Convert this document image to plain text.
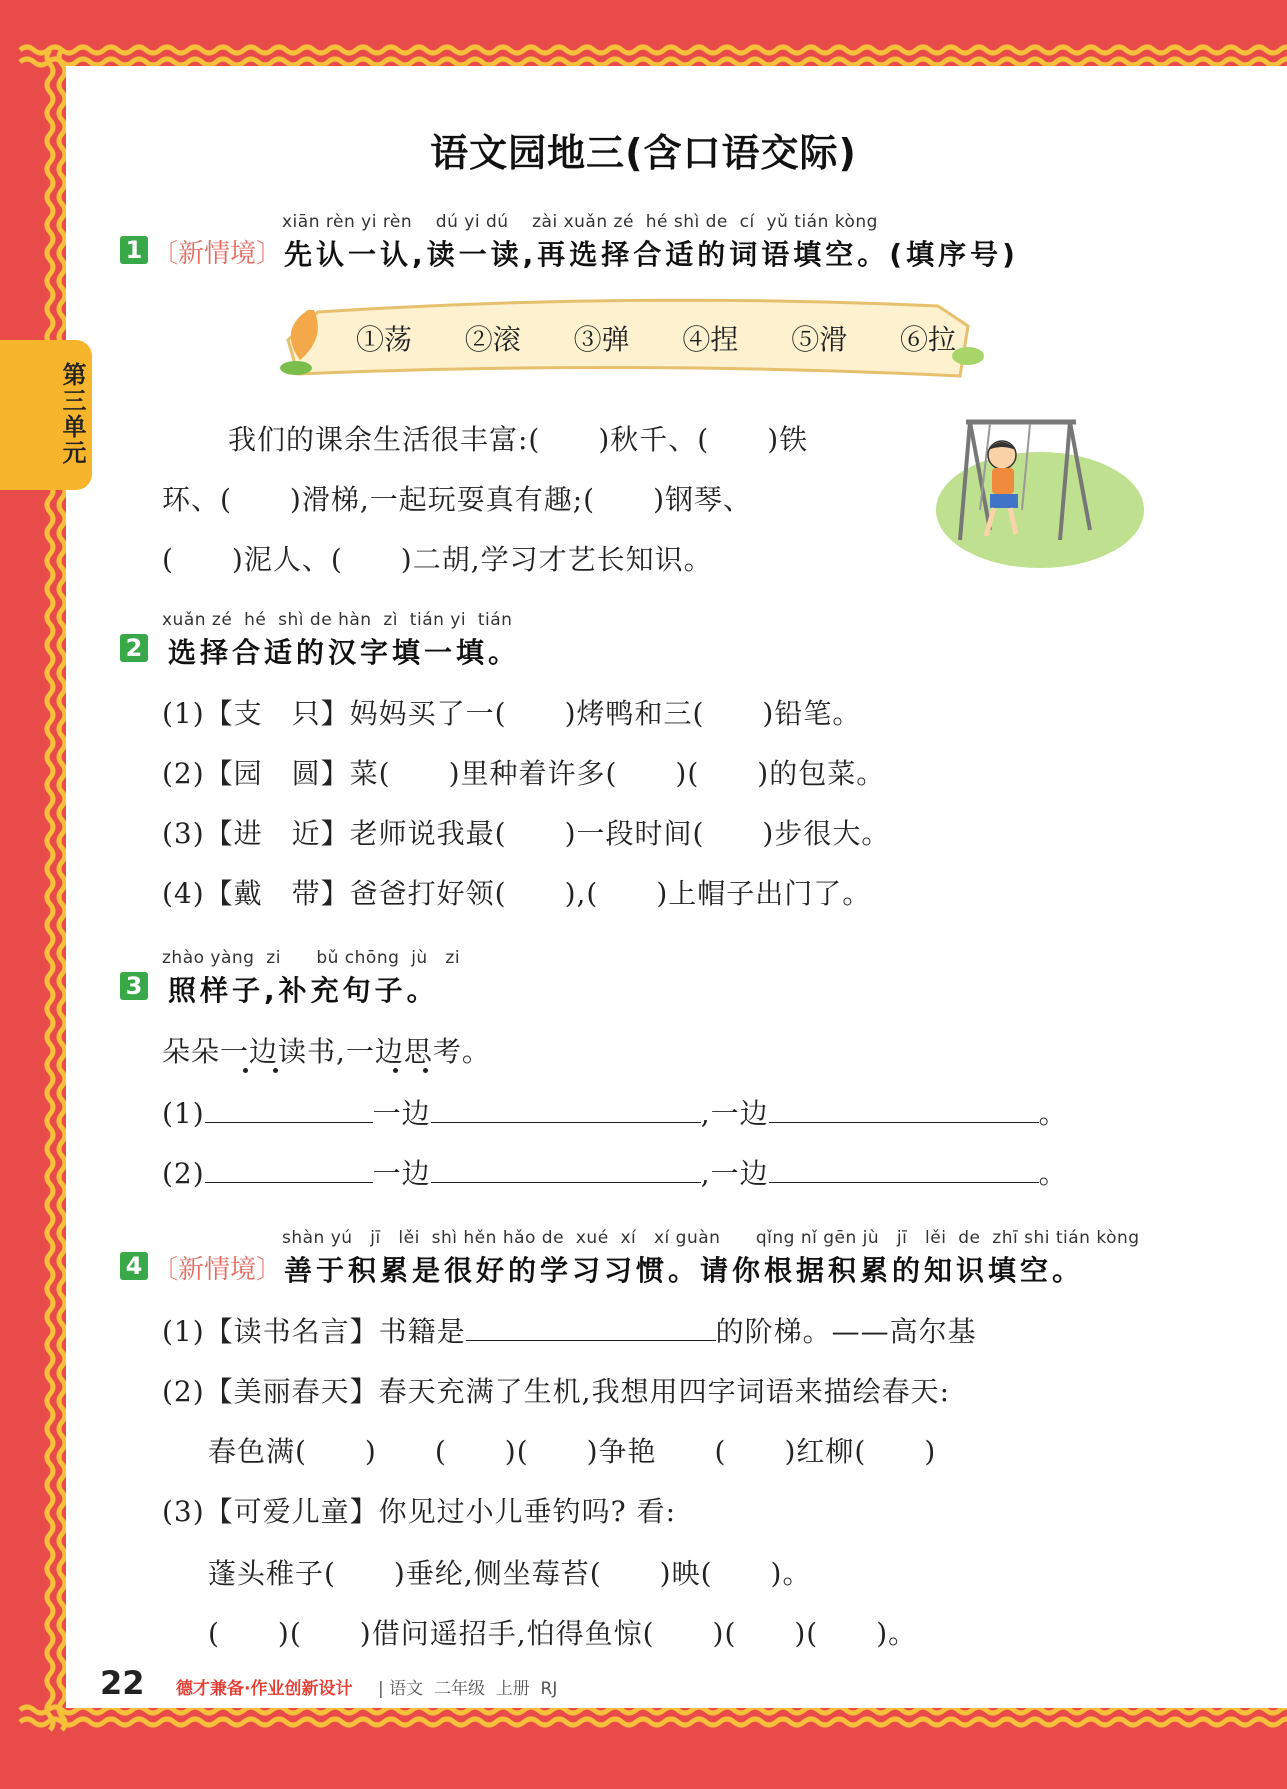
第三单元
语文园地三(含口语交际)
xiān rèn yi rèn    dú yi dú    zài xuǎn zé  hé shì de  cí  yǔ tián kòng
1 〔新情境〕 先认一认,读一读,再选择合适的词语填空。(填序号)
①荡 ②滚 ③弹 ④捏 ⑤滑 ⑥拉
我们的课余生活很丰富:(　　)秋千、(　　)铁
环、(　　)滑梯,一起玩耍真有趣;(　　)钢琴、
(　　)泥人、(　　)二胡,学习才艺长知识。
xuǎn zé  hé  shì de hàn  zì  tián yi  tián
2 选择合适的汉字填一填。
(1)【支　只】妈妈买了一(　　)烤鸭和三(　　)铅笔。
(2)【园　圆】菜(　　)里种着许多(　　)(　　)的包菜。
(3)【进　近】老师说我最(　　)一段时间(　　)步很大。
(4)【戴　带】爸爸打好领(　　),(　　)上帽子出门了。
zhào yàng  zi      bǔ chōng  jù   zi
3 照样子,补充句子。
朵朵一边读书,一边思考。
(1)	一边	,一边	。
(2)	一边	,一边	。
shàn yú   jī   lěi  shì hěn hǎo de  xué  xí   xí guàn      qǐng nǐ gēn jù   jī   lěi  de  zhī shi tián kòng
4 〔新情境〕 善于积累是很好的学习习惯。请你根据积累的知识填空。
(1)【读书名言】书籍是	的阶梯。——高尔基
(2)【美丽春天】春天充满了生机,我想用四字词语来描绘春天:
春色满(　　)　　(　　)(　　)争艳　　(　　)红柳(　　)
(3)【可爱儿童】你见过小儿垂钓吗? 看:
蓬头稚子(　　)垂纶,侧坐莓苔(　　)映(　　)。
(　　)(　　)借问遥招手,怕得鱼惊(　　)(　　)(　　)。
22 德才兼备·作业创新设计 | 语文  二年级  上册  RJ
